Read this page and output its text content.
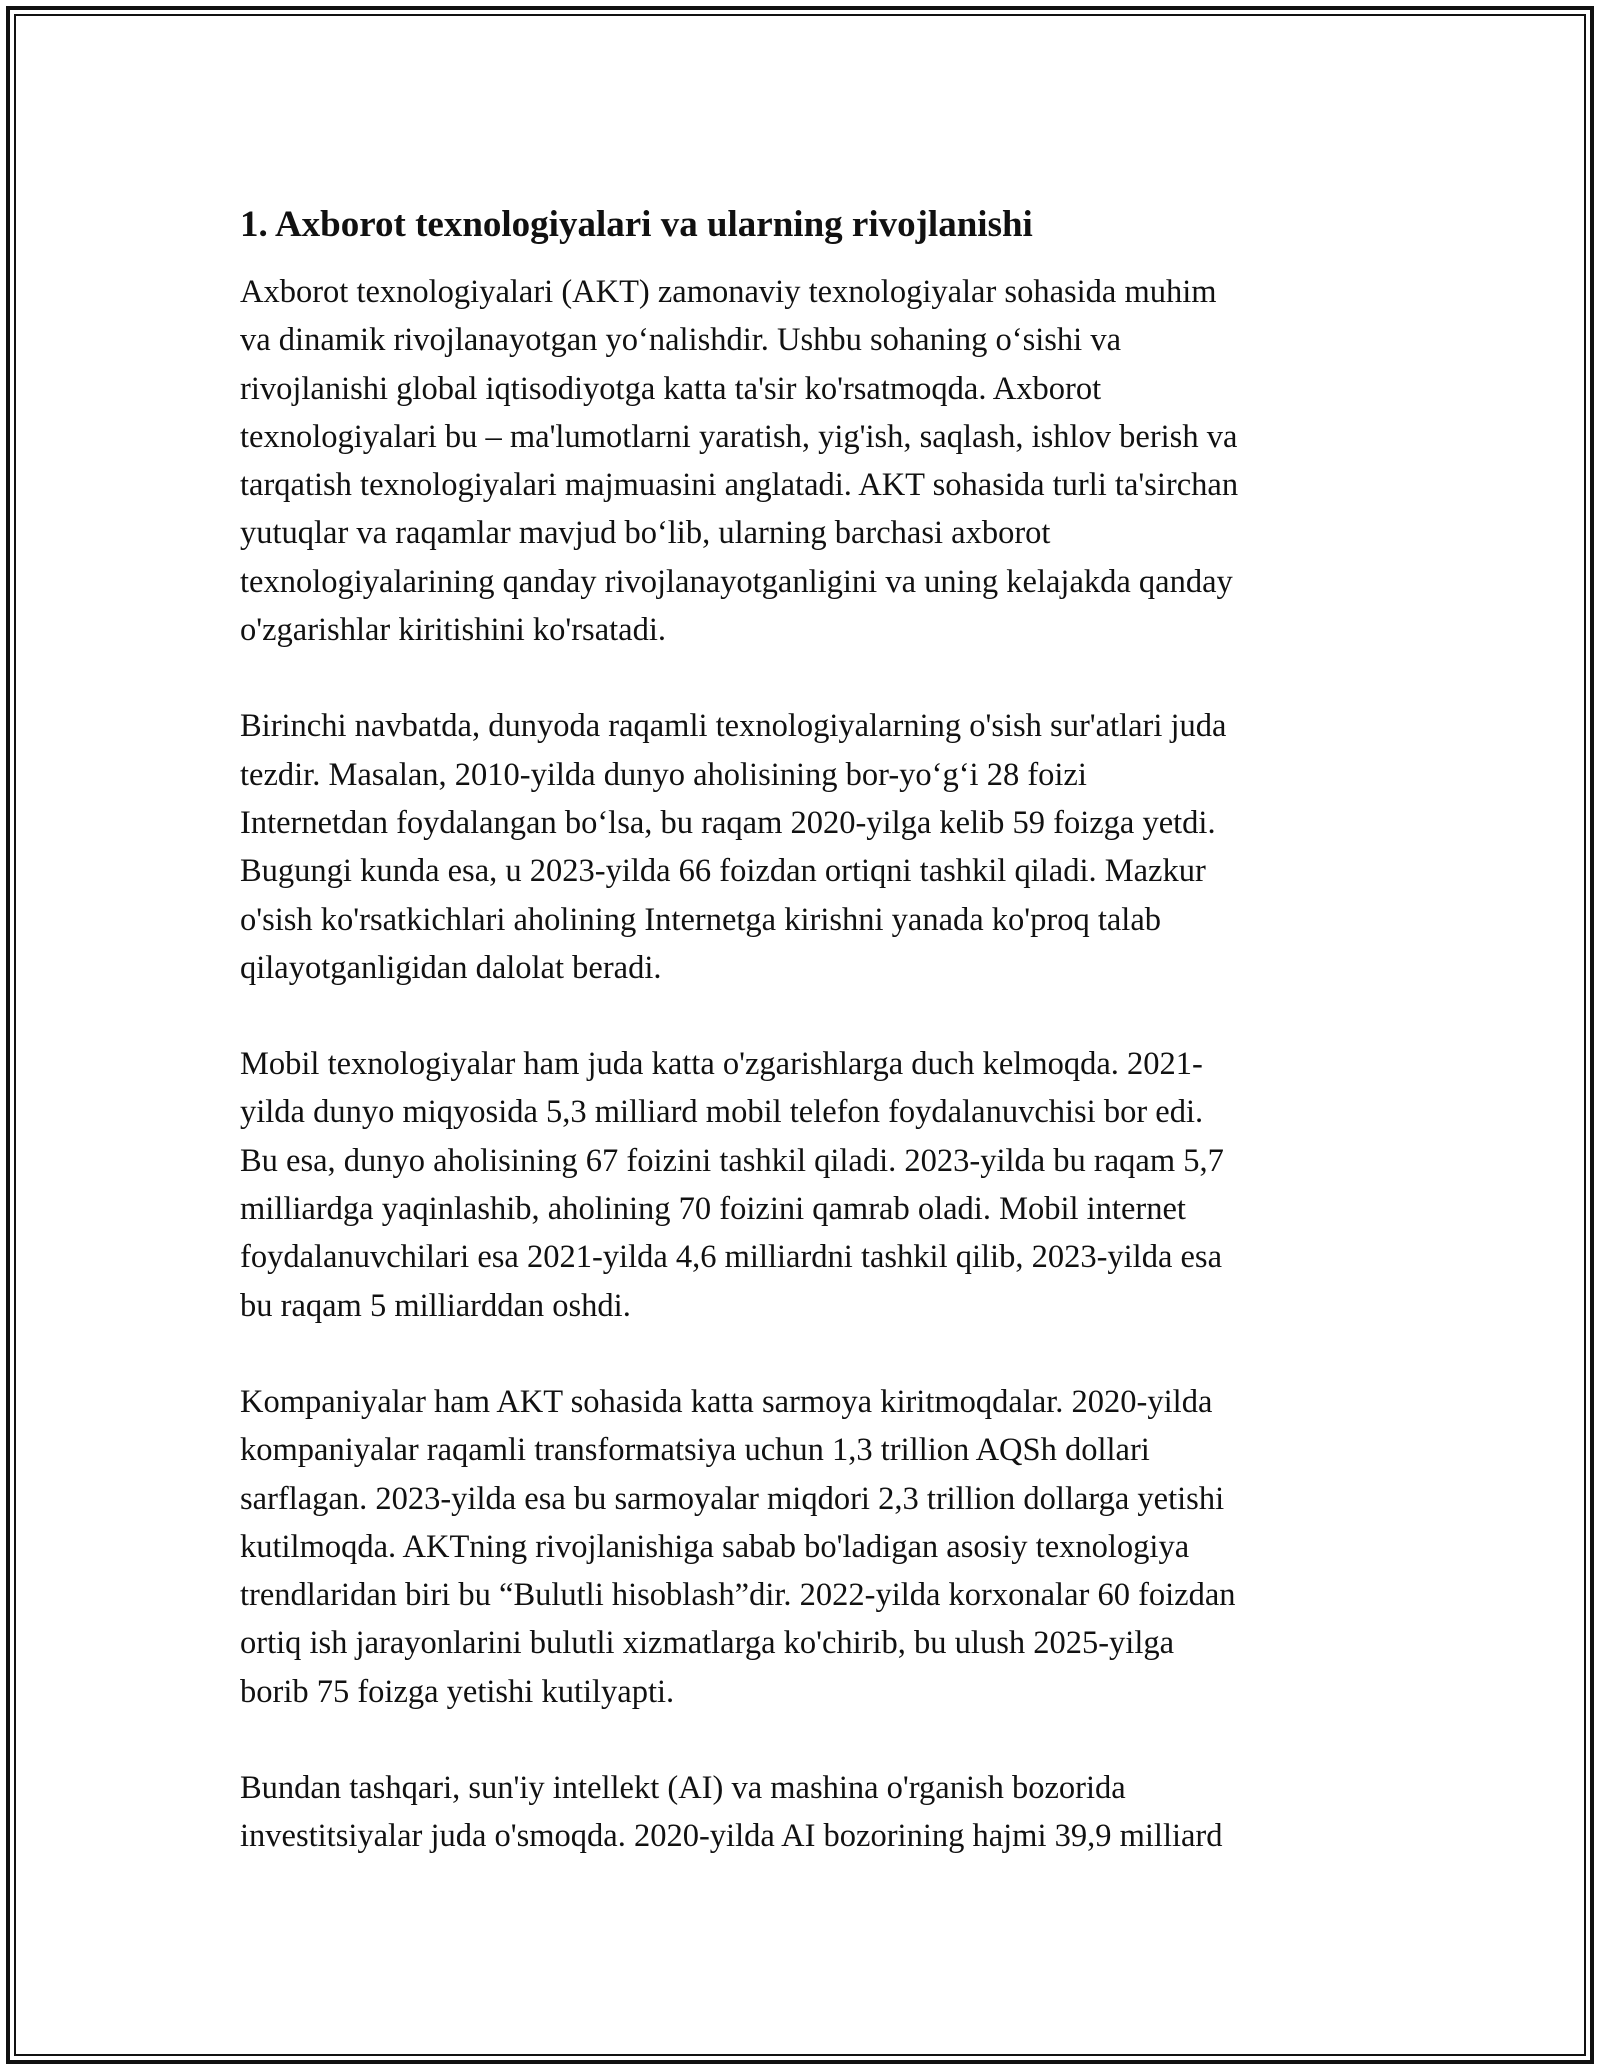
1. Axborot texnologiyalari va ularning rivojlanishi

Axborot texnologiyalari (AKT) zamonaviy texnologiyalar sohasida muhim
va dinamik rivojlanayotgan yo‘nalishdir. Ushbu sohaning o‘sishi va
rivojlanishi global iqtisodiyotga katta ta'sir ko'rsatmoqda. Axborot
texnologiyalari bu – ma'lumotlarni yaratish, yig'ish, saqlash, ishlov berish va
tarqatish texnologiyalari majmuasini anglatadi. AKT sohasida turli ta'sirchan
yutuqlar va raqamlar mavjud bo‘lib, ularning barchasi axborot
texnologiyalarining qanday rivojlanayotganligini va uning kelajakda qanday
o'zgarishlar kiritishini ko'rsatadi.

Birinchi navbatda, dunyoda raqamli texnologiyalarning o'sish sur'atlari juda
tezdir. Masalan, 2010-yilda dunyo aholisining bor-yo‘g‘i 28 foizi
Internetdan foydalangan bo‘lsa, bu raqam 2020-yilga kelib 59 foizga yetdi.
Bugungi kunda esa, u 2023-yilda 66 foizdan ortiqni tashkil qiladi. Mazkur
o'sish ko'rsatkichlari aholining Internetga kirishni yanada ko'proq talab
qilayotganligidan dalolat beradi.

Mobil texnologiyalar ham juda katta o'zgarishlarga duch kelmoqda. 2021-
yilda dunyo miqyosida 5,3 milliard mobil telefon foydalanuvchisi bor edi.
Bu esa, dunyo aholisining 67 foizini tashkil qiladi. 2023-yilda bu raqam 5,7
milliardga yaqinlashib, aholining 70 foizini qamrab oladi. Mobil internet
foydalanuvchilari esa 2021-yilda 4,6 milliardni tashkil qilib, 2023-yilda esa
bu raqam 5 milliarddan oshdi.

Kompaniyalar ham AKT sohasida katta sarmoya kiritmoqdalar. 2020-yilda
kompaniyalar raqamli transformatsiya uchun 1,3 trillion AQSh dollari
sarflagan. 2023-yilda esa bu sarmoyalar miqdori 2,3 trillion dollarga yetishi
kutilmoqda. AKTning rivojlanishiga sabab bo'ladigan asosiy texnologiya
trendlaridan biri bu “Bulutli hisoblash”dir. 2022-yilda korxonalar 60 foizdan
ortiq ish jarayonlarini bulutli xizmatlarga ko'chirib, bu ulush 2025-yilga
borib 75 foizga yetishi kutilyapti.

Bundan tashqari, sun'iy intellekt (AI) va mashina o'rganish bozorida
investitsiyalar juda o'smoqda. 2020-yilda AI bozorining hajmi 39,9 milliard
